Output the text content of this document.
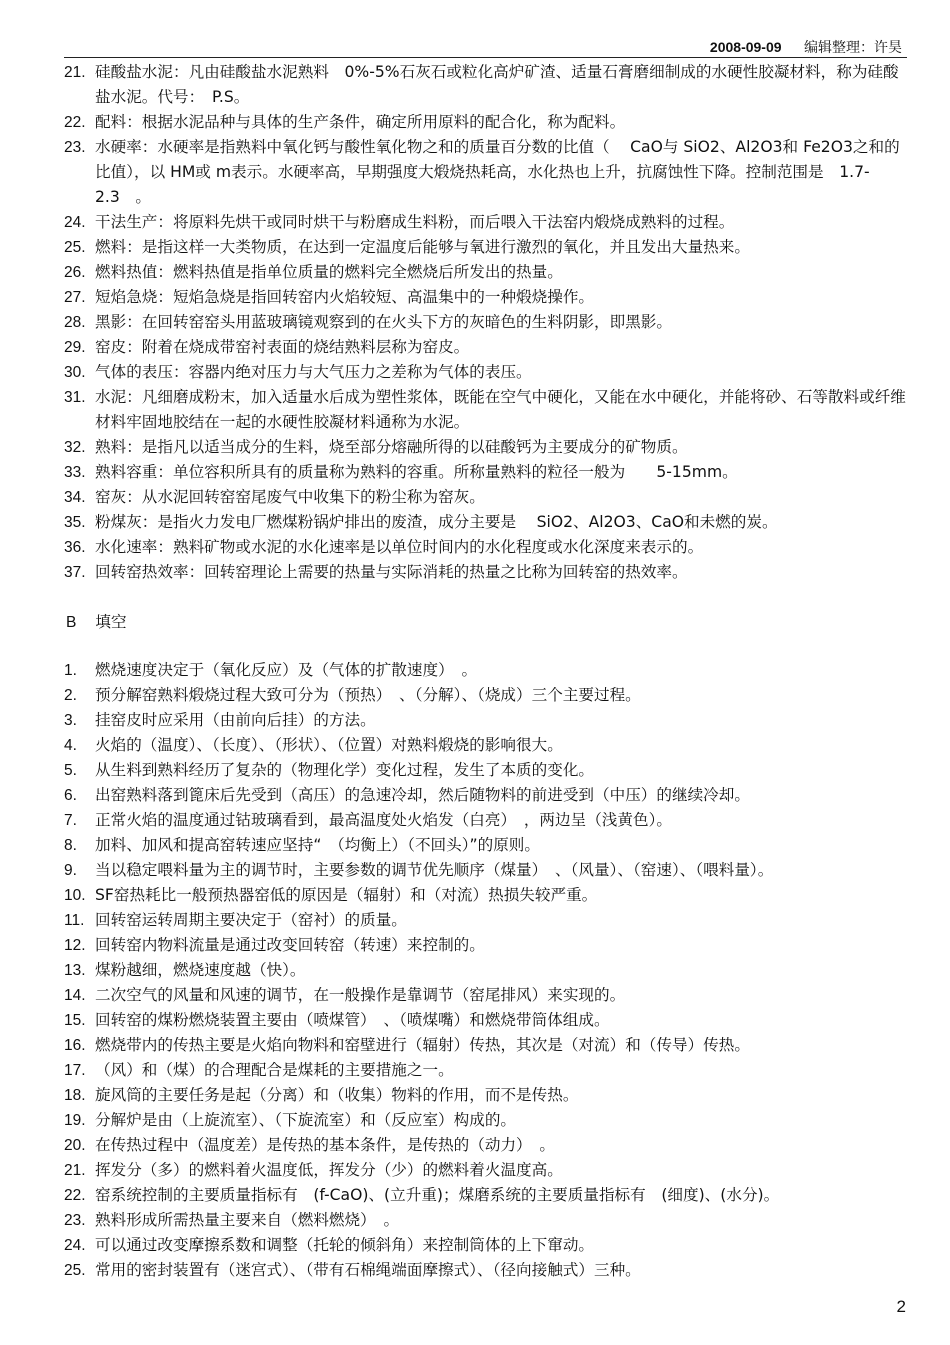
2008-09-09 编辑整理：许昊
21. 硅酸盐水泥：凡由硅酸盐水泥熟料　0%-5%石灰石或粒化高炉矿渣、适量石膏磨细制成的水硬性胶凝材料，称为硅酸盐水泥。代号：　P.S。
22. 配料：根据水泥品种与具体的生产条件，确定所用原料的配合化，称为配料。
23. 水硬率：水硬率是指熟料中氧化钙与酸性氧化物之和的质量百分数的比值（　 CaO与 SiO2、Al2O3和 Fe2O3之和的比值），以 HM或 m表示。水硬率高，早期强度大煅烧热耗高，水化热也上升，抗腐蚀性下降。控制范围是　1.7-2.3　。
24. 干法生产：将原料先烘干或同时烘干与粉磨成生料粉，而后喂入干法窑内煅烧成熟料的过程。
25. 燃料：是指这样一大类物质，在达到一定温度后能够与氧进行激烈的氧化，并且发出大量热来。
26. 燃料热值：燃料热值是指单位质量的燃料完全燃烧后所发出的热量。
27. 短焰急烧：短焰急烧是指回转窑内火焰较短、高温集中的一种煅烧操作。
28. 黑影：在回转窑窑头用蓝玻璃镜观察到的在火头下方的灰暗色的生料阴影，即黑影。
29. 窑皮：附着在烧成带窑衬表面的烧结熟料层称为窑皮。
30. 气体的表压：容器内绝对压力与大气压力之差称为气体的表压。
31. 水泥：凡细磨成粉末，加入适量水后成为塑性浆体，既能在空气中硬化，又能在水中硬化，并能将砂、石等散料或纤维材料牢固地胶结在一起的水硬性胶凝材料通称为水泥。
32. 熟料：是指凡以适当成分的生料，烧至部分熔融所得的以硅酸钙为主要成分的矿物质。
33. 熟料容重：单位容积所具有的质量称为熟料的容重。所称量熟料的粒径一般为　　5-15mm。
34. 窑灰：从水泥回转窑窑尾废气中收集下的粉尘称为窑灰。
35. 粉煤灰：是指火力发电厂燃煤粉锅炉排出的废渣，成分主要是　 SiO2、Al2O3、CaO和未燃的炭。
36. 水化速率：熟料矿物或水泥的水化速率是以单位时间内的水化程度或水化深度来表示的。
37. 回转窑热效率：回转窑理论上需要的热量与实际消耗的热量之比称为回转窑的热效率。
B 填空
1. 燃烧速度决定于（氧化反应）及（气体的扩散速度）　。
2. 预分解窑熟料煅烧过程大致可分为（预热）　、（分解）、（烧成）三个主要过程。
3. 挂窑皮时应采用（由前向后挂）的方法。
4. 火焰的（温度）、（长度）、（形状）、（位置）对熟料煅烧的影响很大。
5. 从生料到熟料经历了复杂的（物理化学）变化过程，发生了本质的变化。
6. 出窑熟料落到篦床后先受到（高压）的急速冷却，然后随物料的前进受到（中压）的继续冷却。
7. 正常火焰的温度通过钴玻璃看到，最高温度处火焰发（白亮）　，两边呈（浅黄色）。
8. 加料、加风和提高窑转速应坚持“　（均衡上）（不回头）”的原则。
9. 当以稳定喂料量为主的调节时，主要参数的调节优先顺序（煤量）　、（风量）、（窑速）、（喂料量）。
10. SF窑热耗比一般预热器窑低的原因是（辐射）和（对流）热损失较严重。
11. 回转窑运转周期主要决定于（窑衬）的质量。
12. 回转窑内物料流量是通过改变回转窑（转速）来控制的。
13. 煤粉越细，燃烧速度越（快）。
14. 二次空气的风量和风速的调节，在一般操作是靠调节（窑尾排风）来实现的。
15. 回转窑的煤粉燃烧装置主要由（喷煤管）　、（喷煤嘴）和燃烧带筒体组成。
16. 燃烧带内的传热主要是火焰向物料和窑壁进行（辐射）传热，其次是（对流）和（传导）传热。
17. （风）和（煤）的合理配合是煤耗的主要措施之一。
18. 旋风筒的主要任务是起（分离）和（收集）物料的作用，而不是传热。
19. 分解炉是由（上旋流室）、（下旋流室）和（反应室）构成的。
20. 在传热过程中（温度差）是传热的基本条件，是传热的（动力）　。
21. 挥发分（多）的燃料着火温度低，挥发分（少）的燃料着火温度高。
22. 窑系统控制的主要质量指标有　(f-CaO)、(立升重)；煤磨系统的主要质量指标有　(细度)、(水分)。
23. 熟料形成所需热量主要来自（燃料燃烧）　。
24. 可以通过改变摩擦系数和调整（托轮的倾斜角）来控制筒体的上下窜动。
25. 常用的密封装置有（迷宫式）、（带有石棉绳端面摩擦式）、（径向接触式）三种。
2
